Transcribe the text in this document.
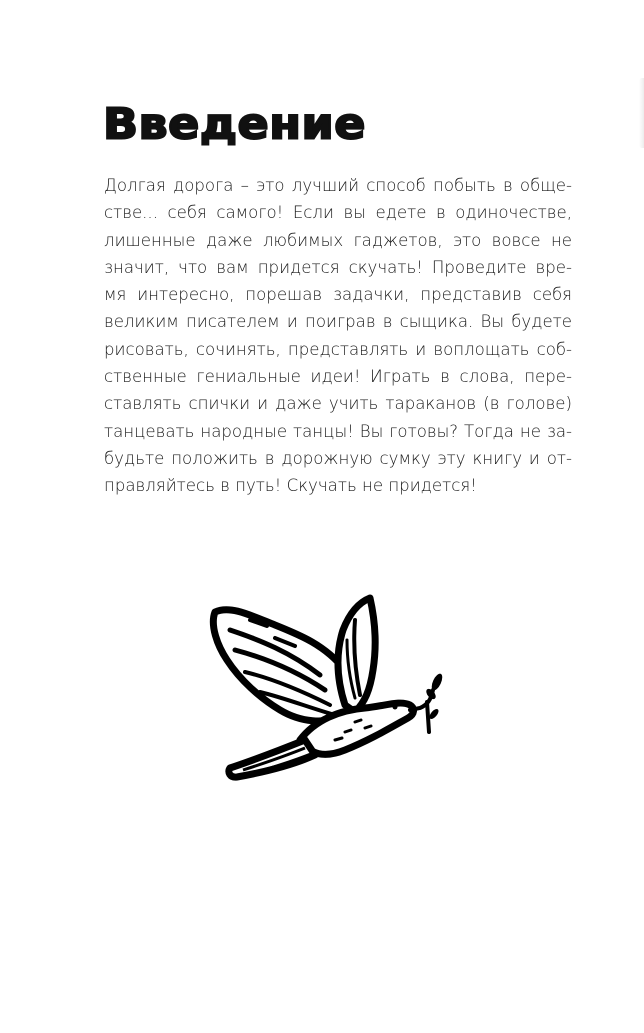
Введение

Долгая дорога – это лучший способ побыть в обще-
стве... себя самого! Если вы едете в одиночестве,
лишенные даже любимых гаджетов, это вовсе не
значит, что вам придется скучать! Проведите вре-
мя интересно, порешав задачки, представив себя
великим писателем и поиграв в сыщика. Вы будете
рисовать, сочинять, представлять и воплощать соб-
ственные гениальные идеи! Играть в слова, пере-
ставлять спички и даже учить тараканов (в голове)
танцевать народные танцы! Вы готовы? Тогда не за-
будьте положить в дорожную сумку эту книгу и от-
правляйтесь в путь! Скучать не придется!
